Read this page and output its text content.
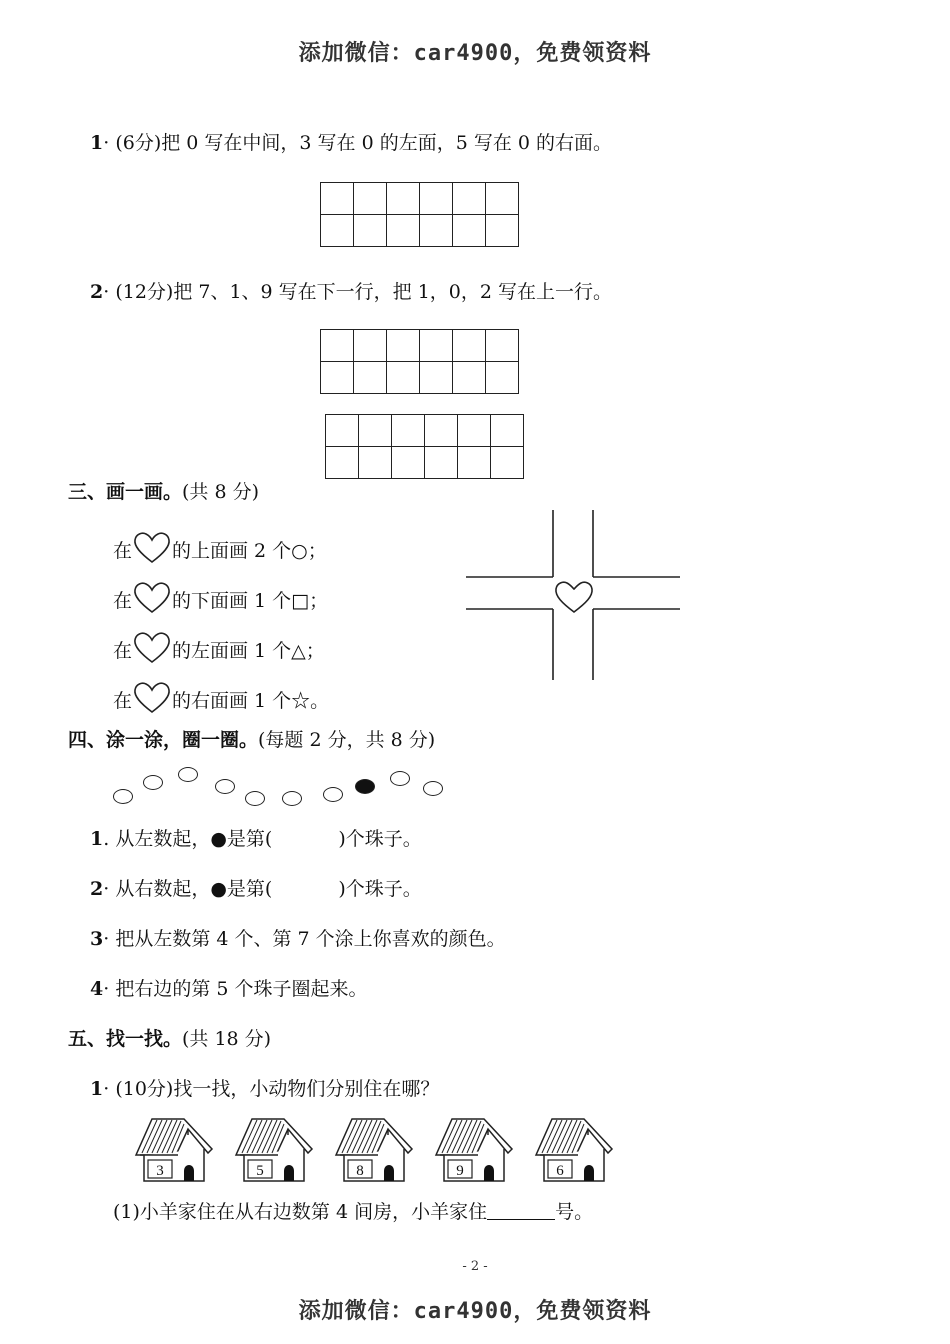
添加微信：car4900，免费领资料
1· (6分)把 0 写在中间，3 写在 0 的左面，5 写在 0 的右面。

2· (12分)把 7、1、9 写在下一行，把 1，0，2 写在上一行。

三、画一画。(共 8 分)
在 的上面画 2 个○；
在 的下面画 1 个□；
在 的左面画 1 个△；
在 的右面画 1 个☆。
四、涂一涂，圈一圈。(每题 2 分，共 8 分)
1. 从左数起，●是第(	)个珠子。
2· 从右数起，●是第(	)个珠子。
3· 把从左数第 4 个、第 7 个涂上你喜欢的颜色。
4· 把右边的第 5 个珠子圈起来。
五、找一找。(共 18 分)
1· (10分)找一找，小动物们分别住在哪？
3	5	8	9	6
(1)小羊家住在从右边数第 4 间房，小羊家住	号。
- 2 -
添加微信：car4900，免费领资料
